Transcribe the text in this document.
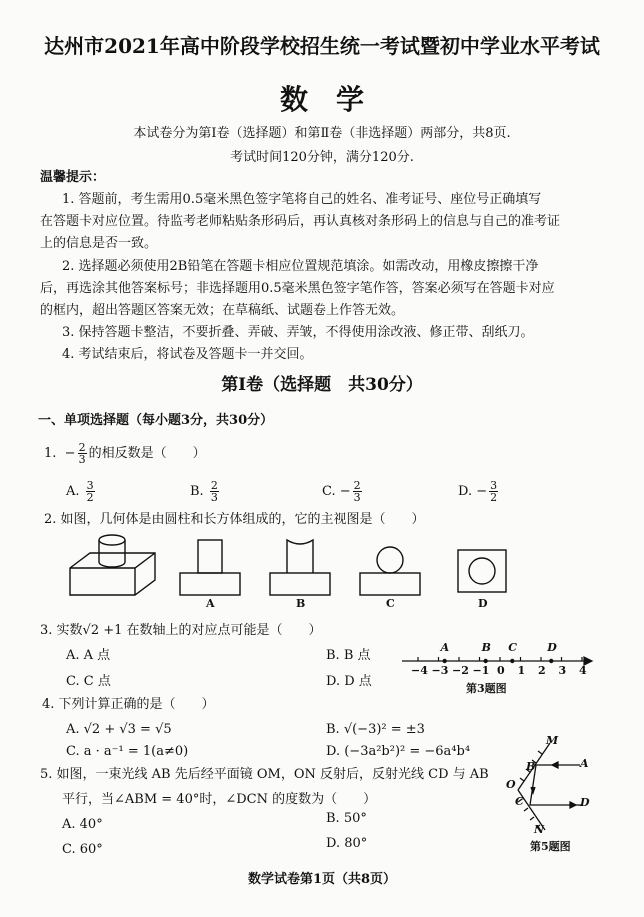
达州市2021年高中阶段学校招生统一考试暨初中学业水平考试
数　学
本试卷分为第Ⅰ卷（选择题）和第Ⅱ卷（非选择题）两部分，共8页.
考试时间120分钟，满分120分.
温馨提示：
1. 答题前，考生需用0.5毫米黑色签字笔将自己的姓名、准考证号、座位号正确填写
在答题卡对应位置。待监考老师粘贴条形码后，再认真核对条形码上的信息与自己的准考证
上的信息是否一致。
2. 选择题必须使用2B铅笔在答题卡相应位置规范填涂。如需改动，用橡皮擦擦干净
后，再选涂其他答案标号；非选择题用0.5毫米黑色签字笔作答，答案必须写在答题卡对应
的框内，超出答题区答案无效；在草稿纸、试题卷上作答无效。
3. 保持答题卡整洁，不要折叠、弄破、弄皱，不得使用涂改液、修正带、刮纸刀。
4. 考试结束后，将试卷及答题卡一并交回。
第Ⅰ卷（选择题　共30分）
一、单项选择题（每小题3分，共30分）
1. − $\frac{2}{3}$ 的相反数是（　　）
A. $\frac{3}{2}$	B. $\frac{2}{3}$	C. − $\frac{2}{3}$	D. − $\frac{3}{2}$
2. 如图，几何体是由圆柱和长方体组成的，它的主视图是（　　）
A	B	C	D
3. 实数√2 +1 在数轴上的对应点可能是（　　）
A. A 点	B. B 点
C. C 点	D. D 点
−4 −3 −2 −1 0 1 2 3 4
A	B C	D
第3题图
4. 下列计算正确的是（　　）
A. √2 + √3 = √5	B. √(−3)² = ±3
C. a · a⁻¹ = 1(a≠0)	D. (−3a²b²)² = −6a⁴b⁴
5. 如图，一束光线 AB 先后经平面镜 OM，ON 反射后，反射光线 CD 与 AB
平行，当∠ABM = 40°时，∠DCN 的度数为（　　）
A. 40°	B. 50°
C. 60°	D. 80°
M
A
B
O
C	D
N
第5题图
数学试卷第1页（共8页）
